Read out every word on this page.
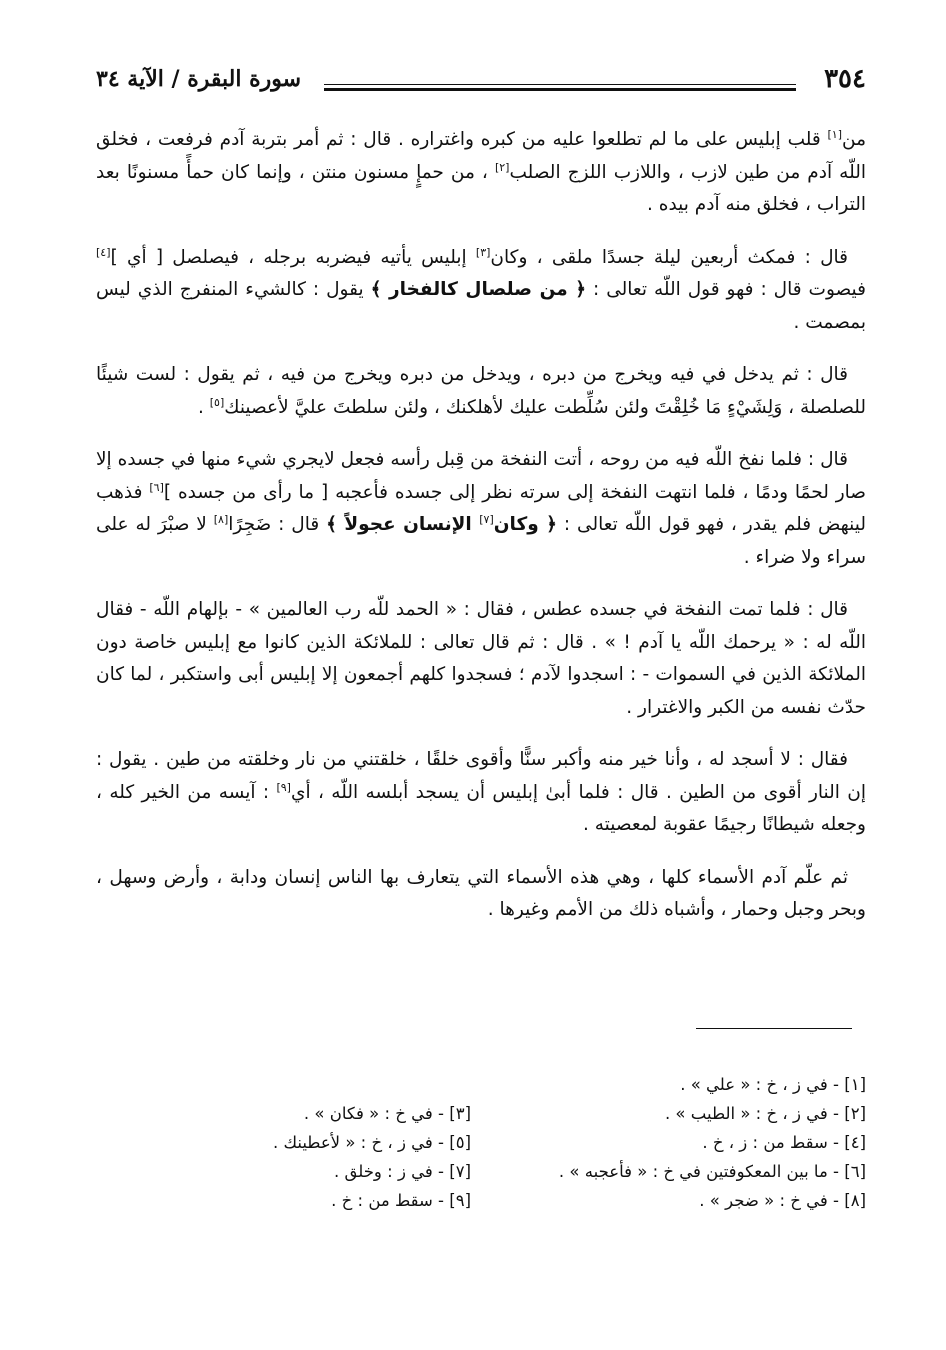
٣٥٤
سورة البقرة / الآية ٣٤

من[١] قلب إبليس على ما لم تطلعوا عليه من كبره واغتراره . قال : ثم أمر بتربة آدم فرفعت ، فخلق اللّه آدم من طين لازب ، واللازب اللزج الصلب[٢] ، من حمإٍ مسنون منتن ، وإنما كان حمأً مسنونًا بعد التراب ، فخلق منه آدم بيده .

قال : فمكث أربعين ليلة جسدًا ملقى ، وكان[٣] إبليس يأتيه فيضربه برجله ، فيصلصل [ أي ][٤] فيصوت قال : فهو قول اللّه تعالى : ﴿ من صلصال كالفخار ﴾ يقول : كالشيء المنفرج الذي ليس بمصمت .

قال : ثم يدخل في فيه ويخرج من دبره ، ويدخل من دبره ويخرج من فيه ، ثم يقول : لست شيئًا للصلصلة ، وَلِشَيْءٍ مَا خُلِقْتَ ولئن سُلِّطت عليك لأهلكنك ، ولئن سلطتَ عليَّ لأعصينك[٥] .

قال : فلما نفخ اللّه فيه من روحه ، أتت النفخة من قِبل رأسه فجعل لايجري شيء منها في جسده إلا صار لحمًا ودمًا ، فلما انتهت النفخة إلى سرته نظر إلى جسده فأعجبه [ ما رأى من جسده ][٦] فذهب لينهض فلم يقدر ، فهو قول اللّه تعالى : ﴿ وكان[٧] الإنسان عجولاً ﴾ قال : ضَجِرًا[٨] لا صبْرَ له على سراء ولا ضراء .

قال : فلما تمت النفخة في جسده عطس ، فقال : « الحمد للّه رب العالمين » - بإلهام اللّه - فقال اللّه له : « يرحمك اللّه يا آدم ! » . قال : ثم قال تعالى : للملائكة الذين كانوا مع إبليس خاصة دون الملائكة الذين في السموات - : اسجدوا لآدم ؛ فسجدوا كلهم أجمعون إلا إبليس أبى واستكبر ، لما كان حدّث نفسه من الكبر والاغترار .

فقال : لا أسجد له ، وأنا خير منه وأكبر سنًّا وأقوى خلقًا ، خلقتني من نار وخلقته من طين . يقول : إن النار أقوى من الطين . قال : فلما أبىٰ إبليس أن يسجد أبلسه اللّه ، أي[٩] : آيسه من الخير كله ، وجعله شيطانًا رجيمًا عقوبة لمعصيته .

ثم علّم آدم الأسماء كلها ، وهي هذه الأسماء التي يتعارف بها الناس إنسان ودابة ، وأرض وسهل ، وبحر وجبل وحمار ، وأشباه ذلك من الأمم وغيرها .

[١] - في ز ، خ : « علي » .
[٢] - في ز ، خ : « الطيب » .
[٤] - سقط من : ز ، خ .
[٦] - ما بين المعكوفتين في خ : « فأعجبه » .
[٨] - في خ : « ضجر » .
[٣] - في خ : « فكان » .
[٥] - في ز ، خ : « لأعطينك .
[٧] - في ز : وخلق .
[٩] - سقط من : خ .
